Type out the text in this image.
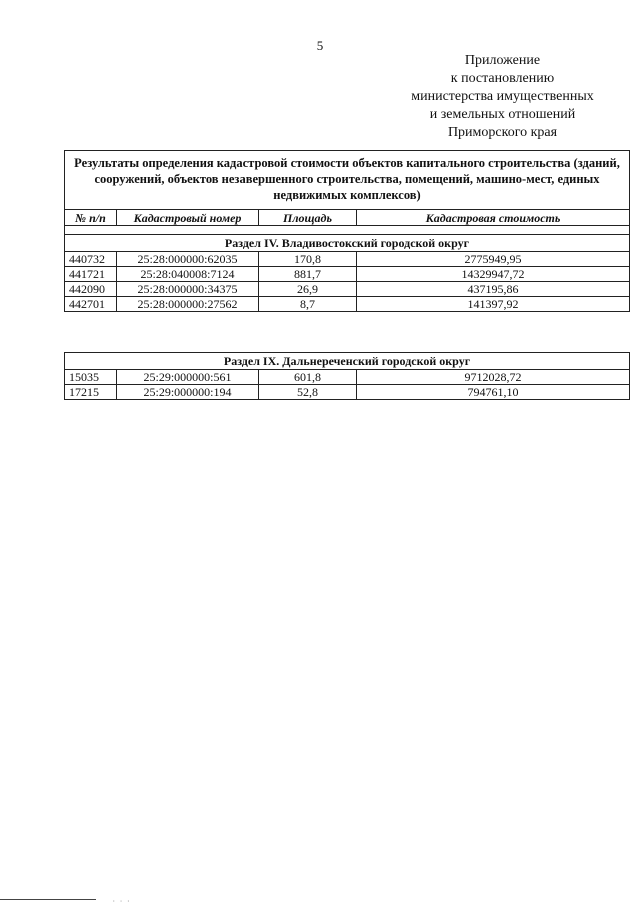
5
Приложение
к постановлению
министерства имущественных
и земельных отношений
Приморского края
Результаты определения кадастровой стоимости объектов капитального строительства (зданий, сооружений, объектов незавершенного строительства, помещений, машино-мест, единых недвижимых комплексов)			
№ п/п	Кадастровый номер	Площадь	Кадастровая стоимость

Раздел IV. Владивостокский городской округ			
440732	25:28:000000:62035	170,8	2775949,95
441721	25:28:040008:7124	881,7	14329947,72
442090	25:28:000000:34375	26,9	437195,86
442701	25:28:000000:27562	8,7	141397,92
Раздел IX. Дальнереченский городской округ			
15035	25:29:000000:561	601,8	9712028,72
17215	25:29:000000:194	52,8	794761,10
· · ·
